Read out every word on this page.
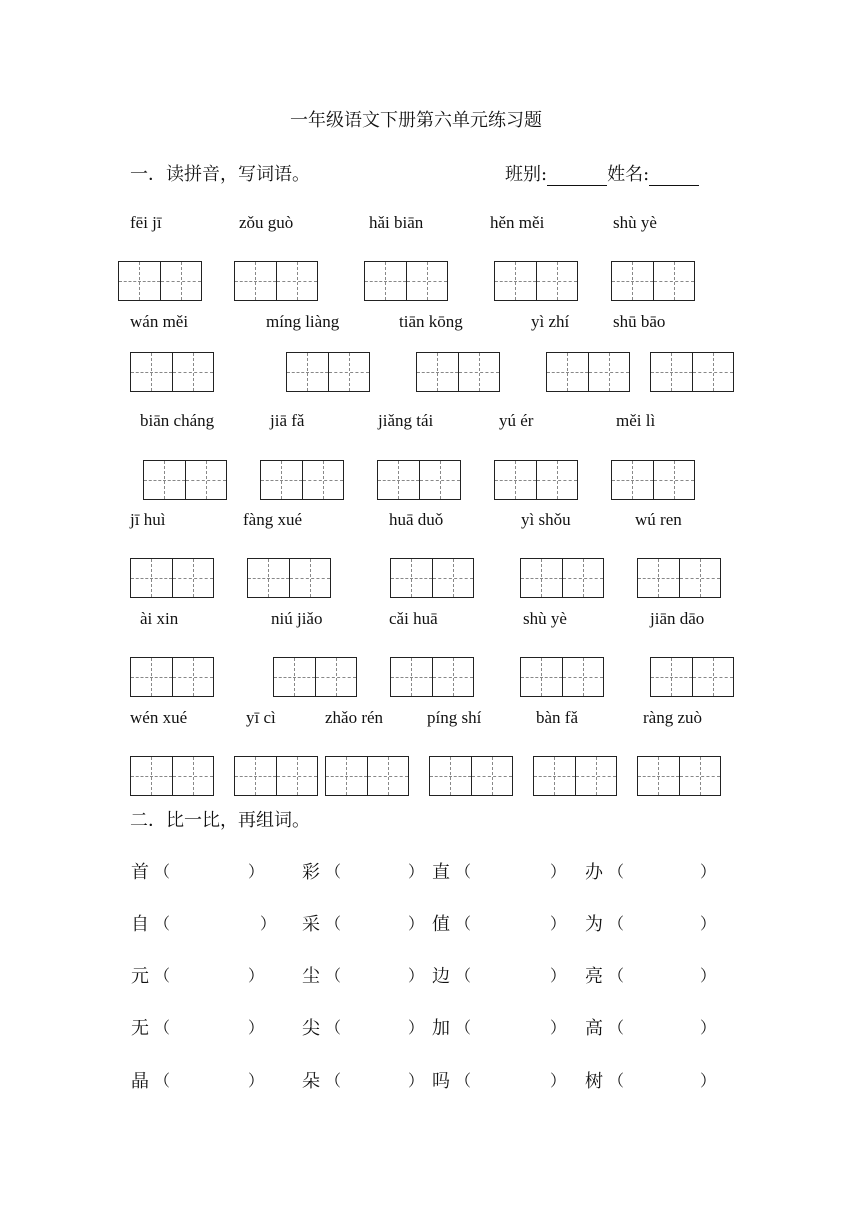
一年级语文下册第六单元练习题
一．读拼音，写词语。	班别:	姓名:
fēi jī	zǒu guò	hǎi biān	hěn měi	shù yè
wán měi	míng liàng	tiān kōng	yì zhí	shū bāo
biān cháng	jiā fǎ	jiǎng tái	yú ér	měi lì
jī huì	fàng xué	huā duǒ	yì shǒu	wú ren
ài xin	niú jiǎo	cǎi huā	shù yè	jiān dāo
wén xué	yī cì	zhǎo rén	píng shí	bàn fǎ	ràng zuò
二．比一比，再组词。
首 （	） 彩 （	） 直 （	） 办 （	）
自 （	） 采 （	） 值 （	） 为 （	）
元 （	） 尘 （	） 边 （	） 亮 （	）
无 （	） 尖 （	） 加 （	） 高 （	）
晶 （	） 朵 （	） 吗 （	） 树 （	）
